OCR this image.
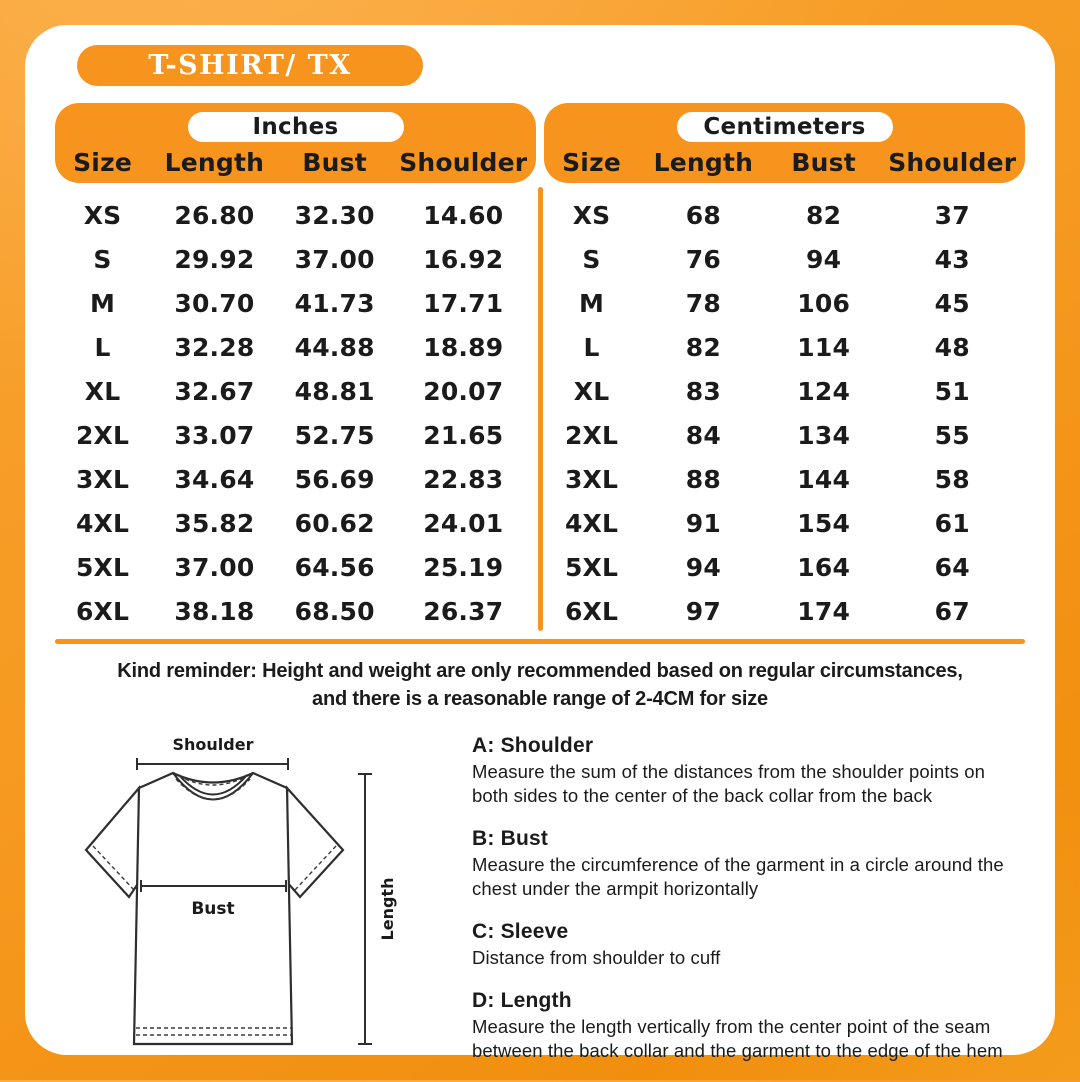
T-SHIRT/ TX
Inches
Size	Length	Bust	Shoulder
XS	26.80	32.30	14.60
S	29.92	37.00	16.92
M	30.70	41.73	17.71
L	32.28	44.88	18.89
XL	32.67	48.81	20.07
2XL	33.07	52.75	21.65
3XL	34.64	56.69	22.83
4XL	35.82	60.62	24.01
5XL	37.00	64.56	25.19
6XL	38.18	68.50	26.37
Centimeters
Size	Length	Bust	Shoulder
XS	68	82	37
S	76	94	43
M	78	106	45
L	82	114	48
XL	83	124	51
2XL	84	134	55
3XL	88	144	58
4XL	91	154	61
5XL	94	164	64
6XL	97	174	67

Kind reminder: Height and weight are only recommended based on regular circumstances,
and there is a reasonable range of 2-4CM for size

Shoulder
Bust	Length
A: Shoulder

Measure the sum of the distances from the shoulder points on both sides to the center of the back collar from the back

B: Bust

Measure the circumference of the garment in a circle around the chest under the armpit horizontally

C: Sleeve

Distance from shoulder to cuff

D: Length

Measure the length vertically from the center point of the seam between the back collar and the garment to the edge of the hem
